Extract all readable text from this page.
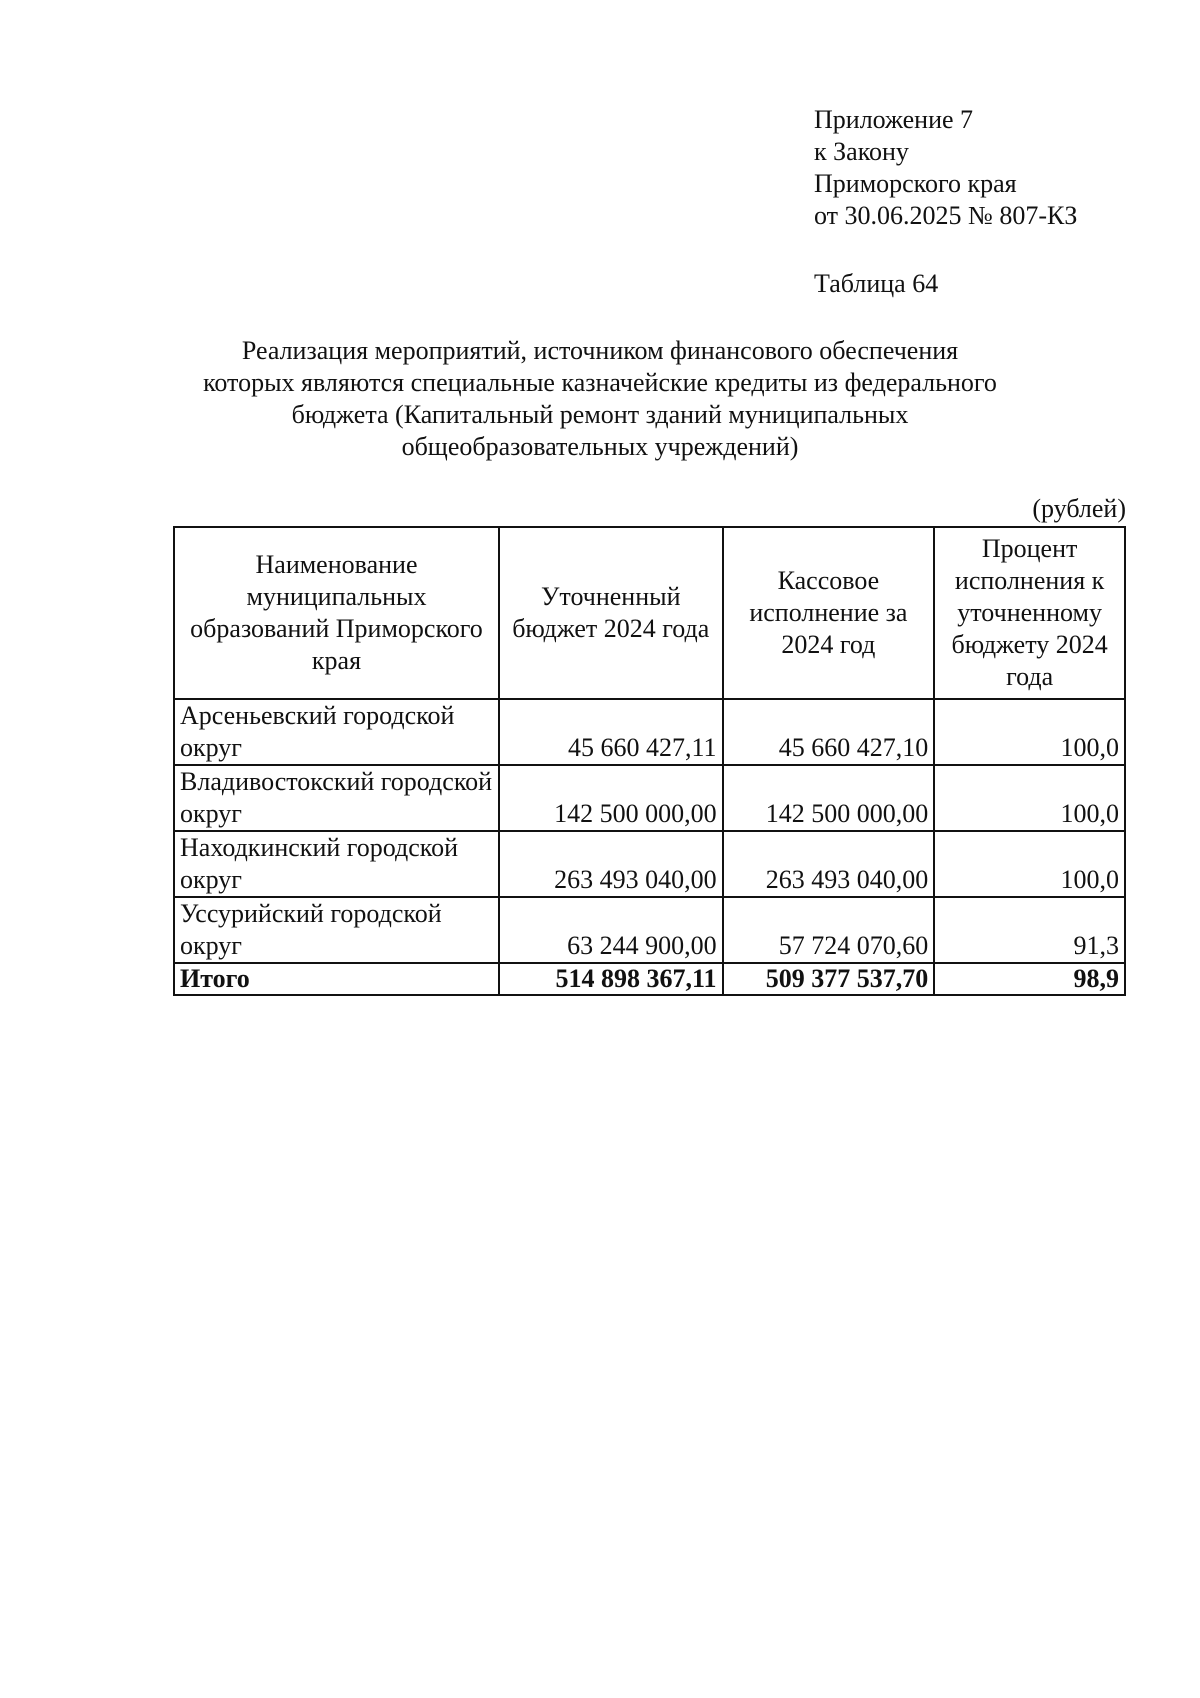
Приложение 7
к Закону
Приморского края
от 30.06.2025 № 807-КЗ
Таблица 64
Реализация мероприятий, источником финансового обеспечения
которых являются специальные казначейские кредиты из федерального
бюджета (Капитальный ремонт зданий муниципальных
общеобразовательных учреждений)
(рублей)
Наименование муниципальных образований Приморского края	Уточненный бюджет 2024 года	Кассовое исполнение за 2024 год	Процент исполнения к уточненному бюджету 2024 года
Арсеньевский городской округ	45 660 427,11	45 660 427,10	100,0
Владивостокский городской округ	142 500 000,00	142 500 000,00	100,0
Находкинский городской округ	263 493 040,00	263 493 040,00	100,0
Уссурийский городской округ	63 244 900,00	57 724 070,60	91,3
Итого	514 898 367,11	509 377 537,70	98,9
